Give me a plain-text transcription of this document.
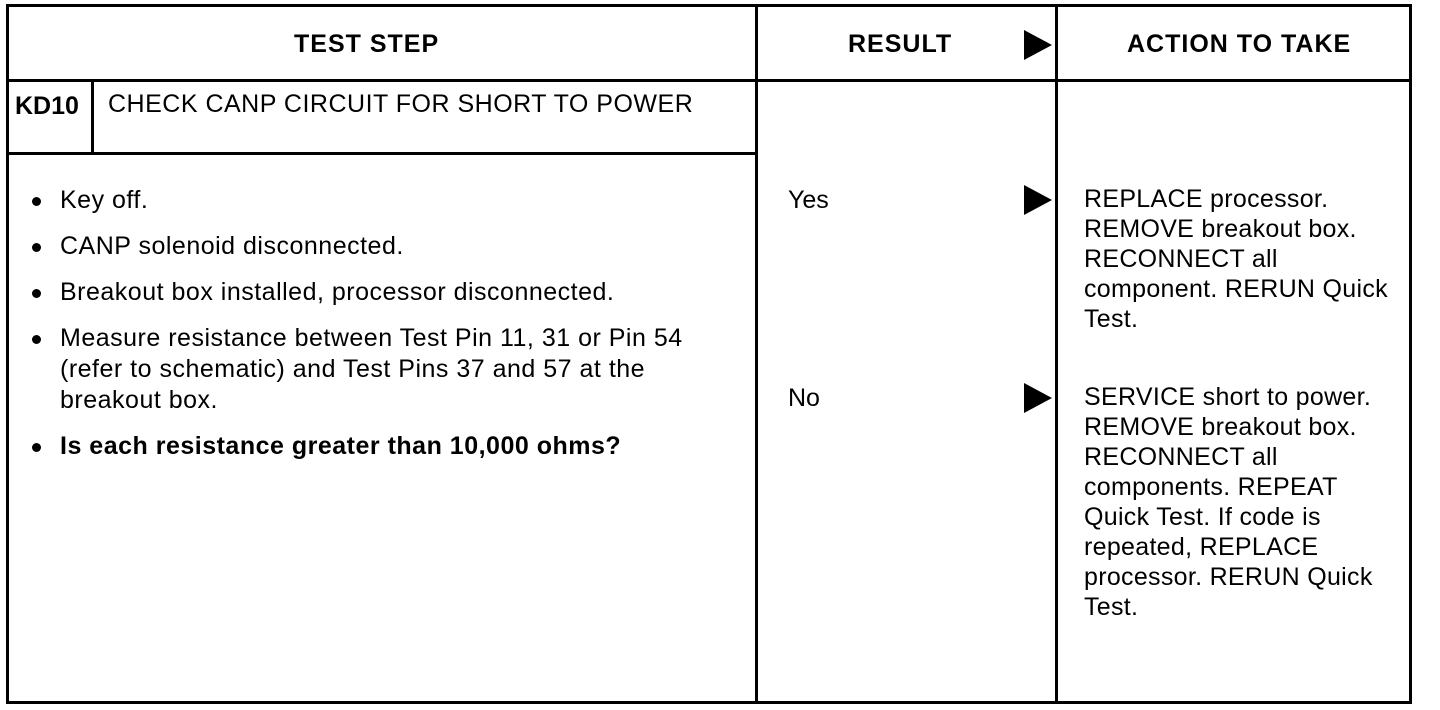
TEST STEP	RESULT	ACTION TO TAKE
KD10 CHECK CANP CIRCUIT FOR SHORT TO POWER
Key off.
CANP solenoid disconnected.
Breakout box installed, processor disconnected.
Measure resistance between Test Pin 11, 31 or Pin 54 (refer to schematic) and Test Pins 37 and 57 at the breakout box.
Is each resistance greater than 10,000 ohms?
Yes	REPLACE processor. REMOVE breakout box. RECONNECT all component. RERUN Quick Test.
No	SERVICE short to power. REMOVE breakout box. RECONNECT all components. REPEAT Quick Test. If code is repeated, REPLACE processor. RERUN Quick Test.
